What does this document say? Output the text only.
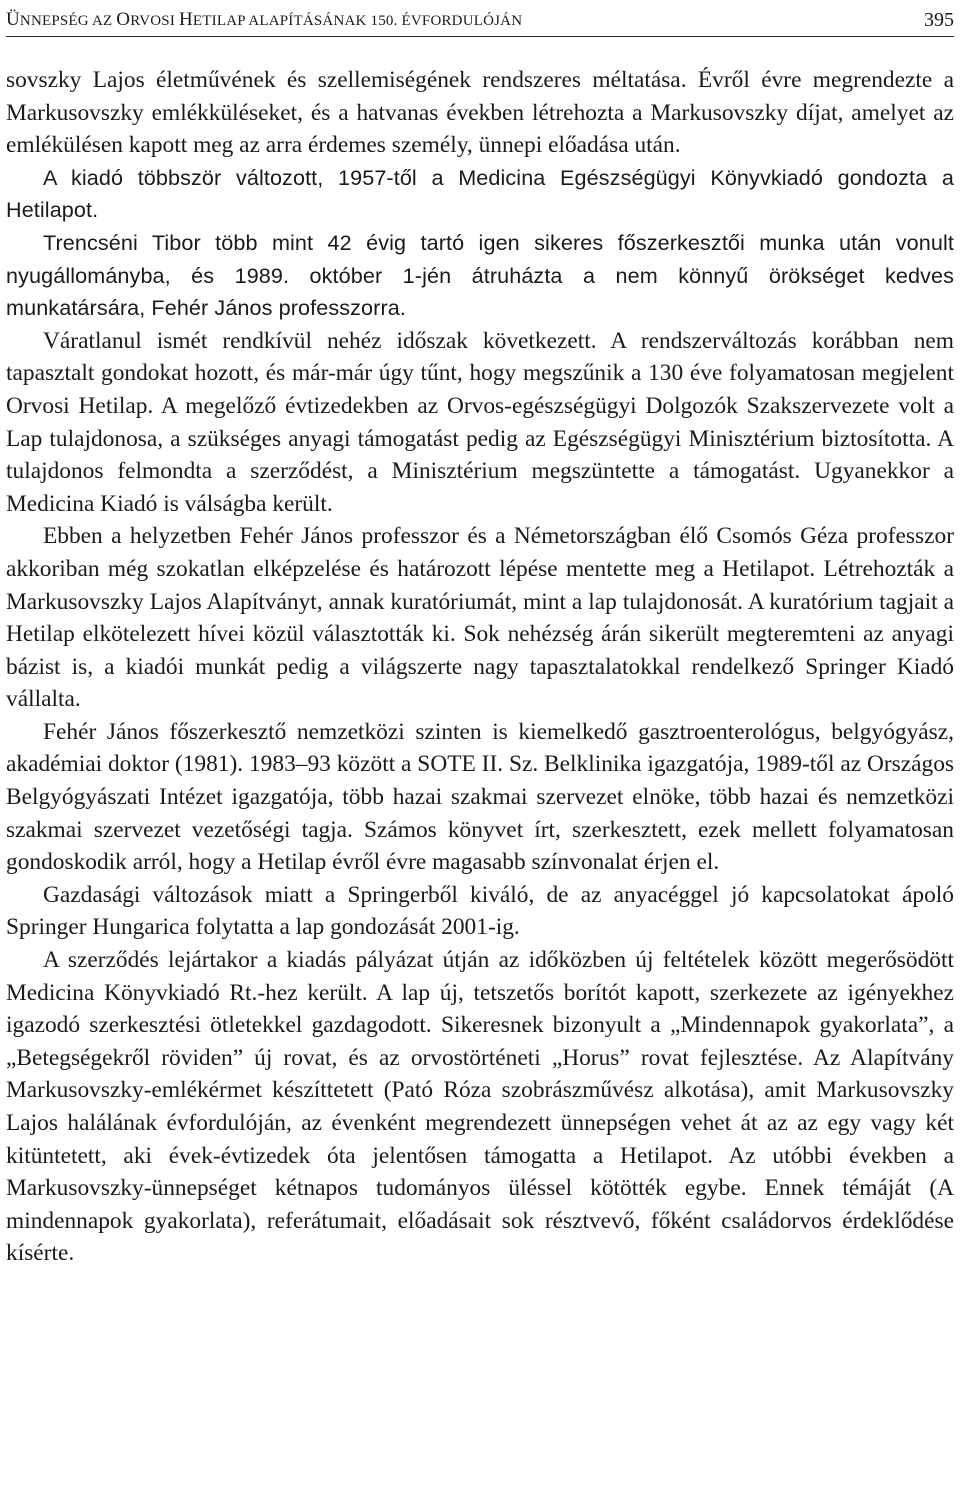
ÜNNEPSÉG AZ ORVOSI HETILAP ALAPÍTÁSÁNAK 150. ÉVFORDULÓJÁN	395

sovszky Lajos életművének és szellemiségének rendszeres méltatása. Évről évre megrendezte a Markusovszky emlékküléseket, és a hatvanas években létrehozta a Markusovszky díjat, amelyet az emlékülésen kapott meg az arra érdemes személy, ünnepi előadása után.

A kiadó többször változott, 1957-től a Medicina Egészségügyi Könyvkiadó gondozta a Hetilapot.

Trencséni Tibor több mint 42 évig tartó igen sikeres főszerkesztői munka után vonult nyugállományba, és 1989. október 1-jén átruházta a nem könnyű örökséget kedves munkatársára, Fehér János professzorra.

Váratlanul ismét rendkívül nehéz időszak következett. A rendszerváltozás korábban nem tapasztalt gondokat hozott, és már-már úgy tűnt, hogy megszűnik a 130 éve folyamatosan megjelent Orvosi Hetilap. A megelőző évtizedekben az Orvos-egészségügyi Dolgozók Szakszervezete volt a Lap tulajdonosa, a szükséges anyagi támogatást pedig az Egészségügyi Minisztérium biztosította. A tulajdonos felmondta a szerződést, a Minisztérium megszüntette a támogatást. Ugyanekkor a Medicina Kiadó is válságba került.

Ebben a helyzetben Fehér János professzor és a Németországban élő Csomós Géza professzor akkoriban még szokatlan elképzelése és határozott lépése mentette meg a Hetilapot. Létrehozták a Markusovszky Lajos Alapítványt, annak kuratóriumát, mint a lap tulajdonosát. A kuratórium tagjait a Hetilap elkötelezett hívei közül választották ki. Sok nehézség árán sikerült megteremteni az anyagi bázist is, a kiadói munkát pedig a világszerte nagy tapasztalatokkal rendelkező Springer Kiadó vállalta.

Fehér János főszerkesztő nemzetközi szinten is kiemelkedő gasztroenterológus, belgyógyász, akadémiai doktor (1981). 1983–93 között a SOTE II. Sz. Belklinika igazgatója, 1989-től az Országos Belgyógyászati Intézet igazgatója, több hazai szakmai szervezet elnöke, több hazai és nemzetközi szakmai szervezet vezetőségi tagja. Számos könyvet írt, szerkesztett, ezek mellett folyamatosan gondoskodik arról, hogy a Hetilap évről évre magasabb színvonalat érjen el.

Gazdasági változások miatt a Springerből kiváló, de az anyacéggel jó kapcsolatokat ápoló Springer Hungarica folytatta a lap gondozását 2001-ig.

A szerződés lejártakor a kiadás pályázat útján az időközben új feltételek között megerősödött Medicina Könyvkiadó Rt.-hez került. A lap új, tetszetős borítót kapott, szerkezete az igényekhez igazodó szerkesztési ötletekkel gazdagodott. Sikeresnek bizonyult a „Mindennapok gyakorlata”, a „Betegségekről röviden” új rovat, és az orvostörténeti „Horus” rovat fejlesztése. Az Alapítvány Markusovszky-emlékérmet készíttetett (Pató Róza szobrászművész alkotása), amit Markusovszky Lajos halálának évfordulóján, az évenként megrendezett ünnepségen vehet át az az egy vagy két kitüntetett, aki évek-évtizedek óta jelentősen támogatta a Hetilapot. Az utóbbi években a Markusovszky-ünnepséget kétnapos tudományos üléssel kötötték egybe. Ennek témáját (A mindennapok gyakorlata), referátumait, előadásait sok résztvevő, főként családorvos érdeklődése kísérte.
